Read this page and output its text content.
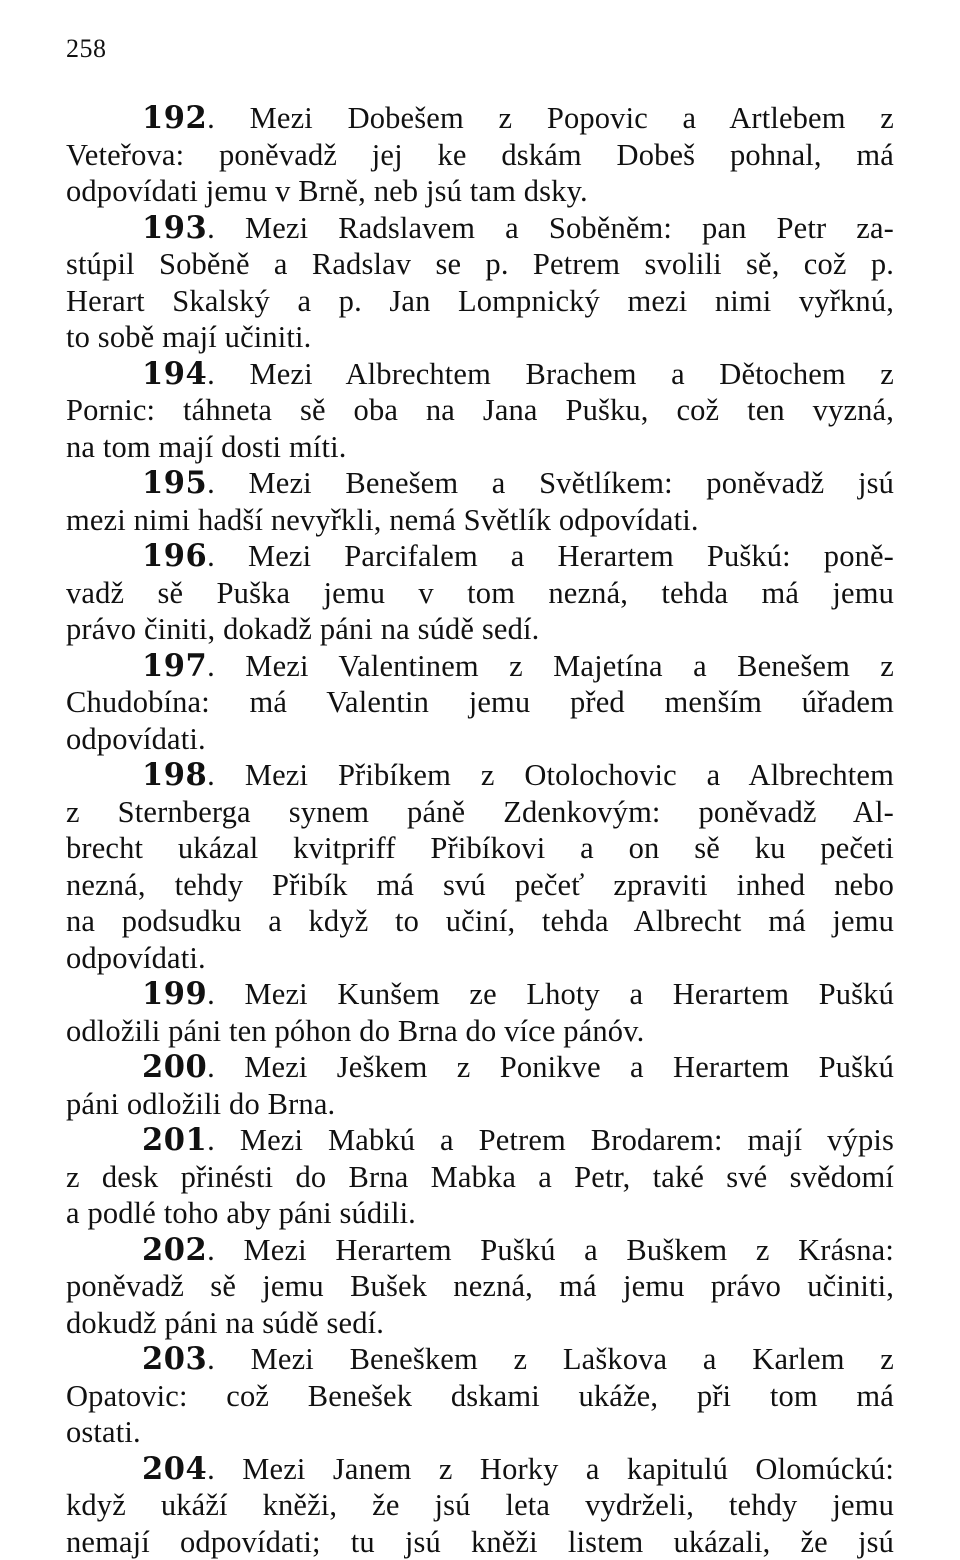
258
192. Mezi Dobešem z Popovic a Artlebem z
Veteřova: poněvadž jej ke dskám Dobeš pohnal, má
odpovídati jemu v Brně, neb jsú tam dsky.
193. Mezi Radslavem a Soběněm: pan Petr za-
stúpil Soběně a Radslav se p. Petrem svolili sě, což p.
Herart Skalský a p. Jan Lompnický mezi nimi vyřknú,
to sobě mají učiniti.
194. Mezi Albrechtem Brachem a Dětochem z
Pornic: táhneta sě oba na Jana Pušku, což ten vyzná,
na tom mají dosti míti.
195. Mezi Benešem a Světlíkem: poněvadž jsú
mezi nimi hadší nevyřkli, nemá Světlík odpovídati.
196. Mezi Parcifalem a Herartem Puškú: poně-
vadž sě Puška jemu v tom nezná, tehda má jemu
právo činiti, dokadž páni na súdě sedí.
197. Mezi Valentinem z Majetína a Benešem z
Chudobína: má Valentin jemu před menším úřadem
odpovídati.
198. Mezi Přibíkem z Otolochovic a Albrechtem
z Sternberga synem páně Zdenkovým: poněvadž Al-
brecht ukázal kvitpriff Přibíkovi a on sě ku pečeti
nezná, tehdy Přibík má svú pečeť zpraviti inhed nebo
na podsudku a když to učiní, tehda Albrecht má jemu
odpovídati.
199. Mezi Kunšem ze Lhoty a Herartem Puškú
odložili páni ten póhon do Brna do více pánóv.
200. Mezi Ješkem z Ponikve a Herartem Puškú
páni odložili do Brna.
201. Mezi Mabkú a Petrem Brodarem: mají výpis
z desk přinésti do Brna Mabka a Petr, také své svědomí
a podlé toho aby páni súdili.
202. Mezi Herartem Puškú a Buškem z Krásna:
poněvadž sě jemu Bušek nezná, má jemu právo učiniti,
dokudž páni na súdě sedí.
203. Mezi Beneškem z Laškova a Karlem z
Opatovic: což Benešek dskami ukáže, při tom má
ostati.
204. Mezi Janem z Horky a kapitulú Olomúckú:
když ukáží kněži, že jsú leta vydrželi, tehdy jemu
nemají odpovídati; tu jsú kněži listem ukázali, že jsú
